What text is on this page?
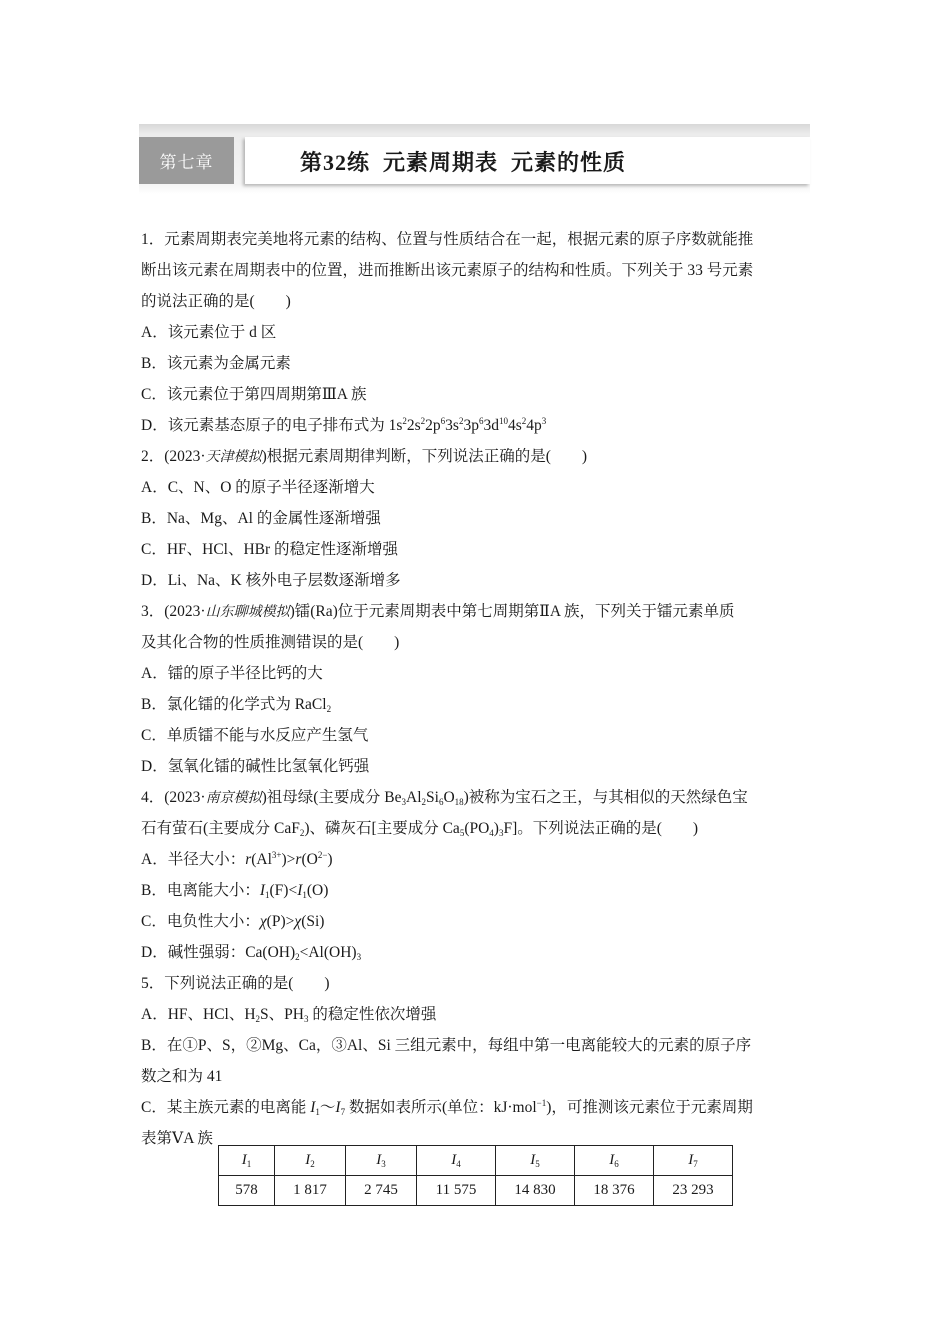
第七章	第32练  元素周期表  元素的性质
1．元素周期表完美地将元素的结构、位置与性质结合在一起，根据元素的原子序数就能推
断出该元素在周期表中的位置，进而推断出该元素原子的结构和性质。下列关于 33 号元素
的说法正确的是(　　)
A．该元素位于 d 区
B．该元素为金属元素
C．该元素位于第四周期第ⅢA 族
D．该元素基态原子的电子排布式为 $1s^22s^22p^63s^23p^63d^{10}4s^24p^3$
2．(2023·天津模拟)根据元素周期律判断，下列说法正确的是(　　)
A．C、N、O 的原子半径逐渐增大
B．Na、Mg、Al 的金属性逐渐增强
C．HF、HCl、HBr 的稳定性逐渐增强
D．Li、Na、K 核外电子层数逐渐增多
3．(2023·山东聊城模拟)镭(Ra)位于元素周期表中第七周期第ⅡA 族，下列关于镭元素单质
及其化合物的性质推测错误的是(　　)
A．镭的原子半径比钙的大
B．氯化镭的化学式为 RaCl$_2$
C．单质镭不能与水反应产生氢气
D．氢氧化镭的碱性比氢氧化钙强
4．(2023·南京模拟)祖母绿(主要成分 $Be_3Al_2Si_6O_{18}$)被称为宝石之王，与其相似的天然绿色宝
石有萤石(主要成分 CaF$_2$)、磷灰石[主要成分 $Ca_5(PO_4)_3F$]。下列说法正确的是(　　)
A．半径大小：$r(Al^{3+})>r(O^{2-})$
B．电离能大小：$I_1(F)<I_1(O)$
C．电负性大小：χ(P)>χ(Si)
D．碱性强弱：$Ca(OH)_2<Al(OH)_3$
5．下列说法正确的是(　　)
A．HF、HCl、$H_2S$、$PH_3$ 的稳定性依次增强
B．在①P、S，②Mg、Ca，③Al、Si 三组元素中，每组中第一电离能较大的元素的原子序
数之和为 41
C．某主族元素的电离能 $I_1\sim I_7$ 数据如表所示(单位：kJ·mol$^{-1}$)，可推测该元素位于元素周期
表第ⅤA 族
$I_1$	$I_2$	$I_3$	$I_4$	$I_5$	$I_6$	$I_7$
578	1 817	2 745	11 575	14 830	18 376	23 293
